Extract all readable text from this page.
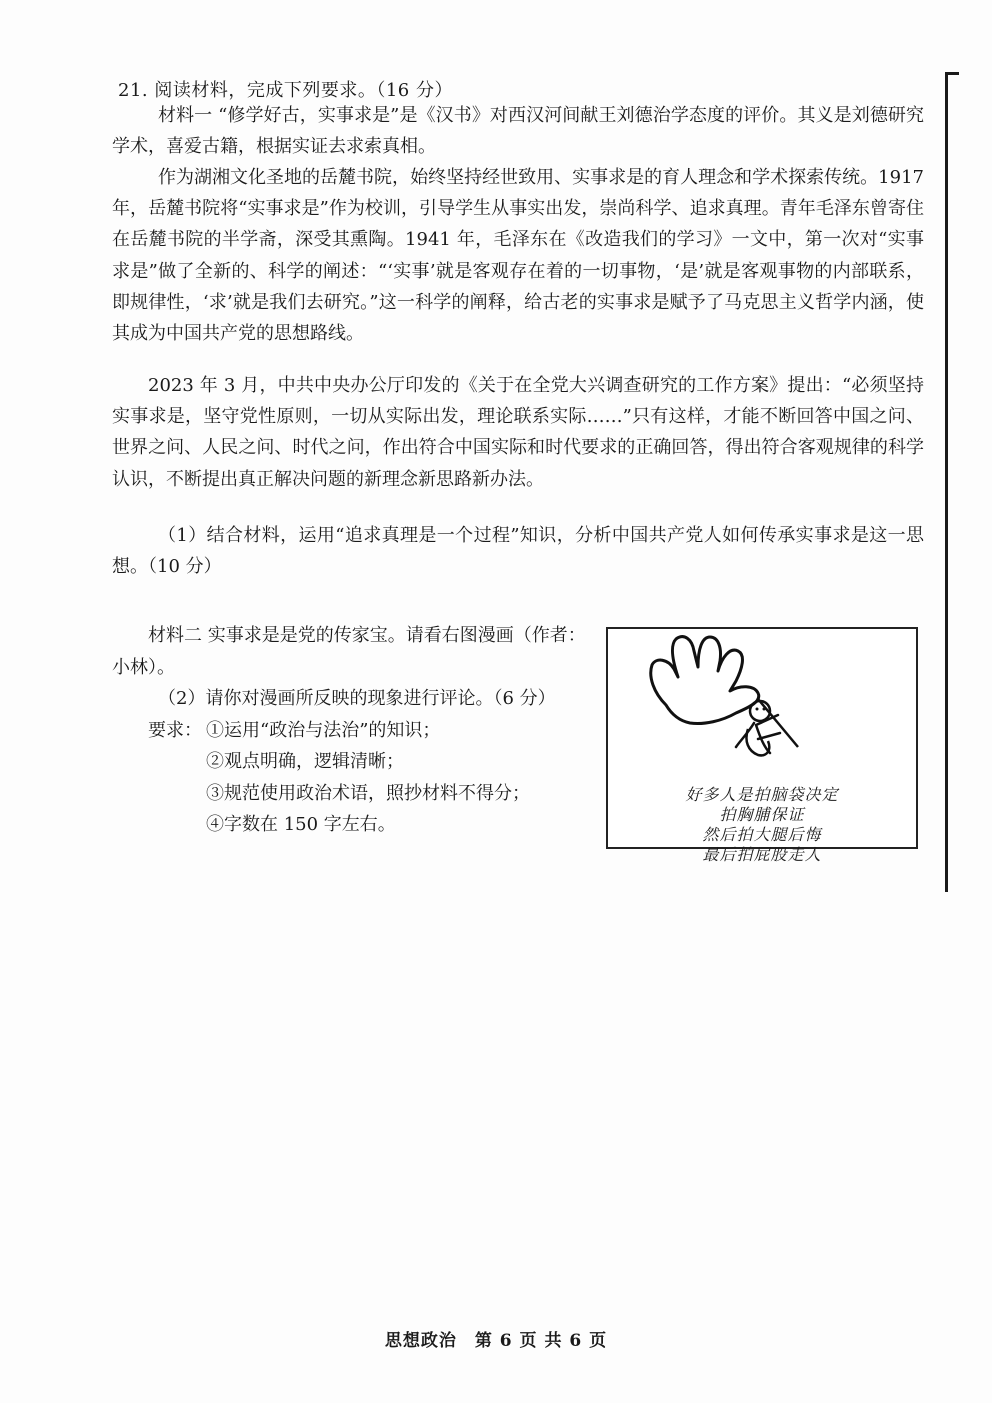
21. 阅读材料，完成下列要求。（16 分）
材料一 “修学好古，实事求是”是《汉书》对西汉河间献王刘德治学态度的评价。其义是刘德研究学术，喜爱古籍，根据实证去求索真相。
作为湖湘文化圣地的岳麓书院，始终坚持经世致用、实事求是的育人理念和学术探索传统。1917 年，岳麓书院将“实事求是”作为校训，引导学生从事实出发，崇尚科学、追求真理。青年毛泽东曾寄住在岳麓书院的半学斋，深受其熏陶。1941 年，毛泽东在《改造我们的学习》一文中，第一次对“实事求是”做了全新的、科学的阐述：“‘实事’就是客观存在着的一切事物，‘是’就是客观事物的内部联系，即规律性，‘求’就是我们去研究。”这一科学的阐释，给古老的实事求是赋予了马克思主义哲学内涵，使其成为中国共产党的思想路线。
2023 年 3 月，中共中央办公厅印发的《关于在全党大兴调查研究的工作方案》提出：“必须坚持实事求是，坚守党性原则，一切从实际出发，理论联系实际……”只有这样，才能不断回答中国之问、世界之问、人民之问、时代之问，作出符合中国实际和时代要求的正确回答，得出符合客观规律的科学认识，不断提出真正解决问题的新理念新思路新办法。
（1）结合材料，运用“追求真理是一个过程”知识，分析中国共产党人如何传承实事求是这一思想。（10 分）
材料二 实事求是是党的传家宝。请看右图漫画（作者：小林）。
（2）请你对漫画所反映的现象进行评论。（6 分）
要求： ①运用“政治与法治”的知识；
②观点明确，逻辑清晰；
③规范使用政治术语，照抄材料不得分；
④字数在 150 字左右。
好多人是拍脑袋决定
拍胸脯保证
然后拍大腿后悔
最后拍屁股走人
思想政治　第 6 页 共 6 页
